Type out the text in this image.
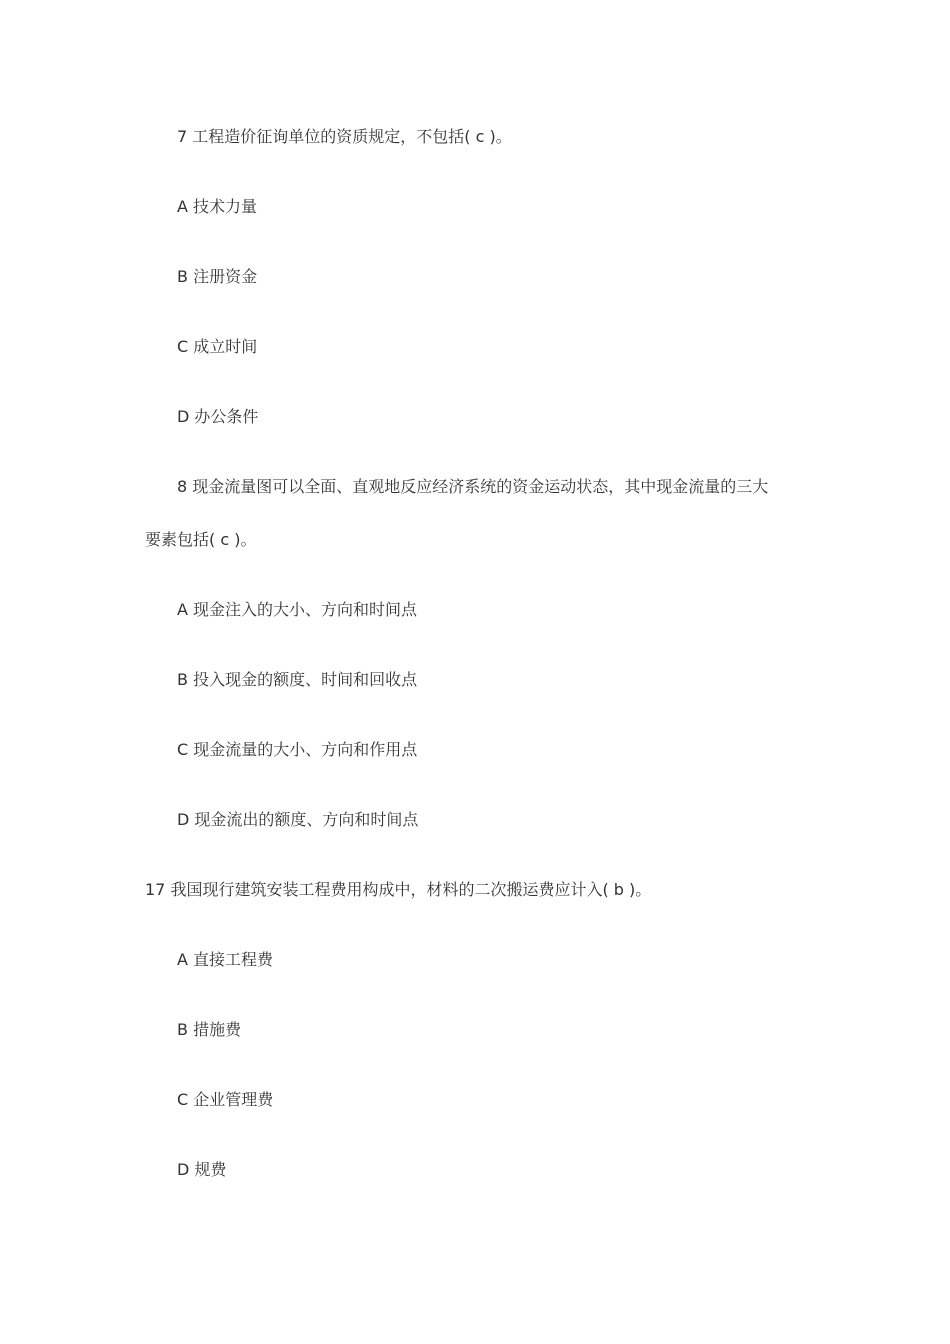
7 工程造价征询单位的资质规定，不包括( c )。
A 技术力量
B 注册资金
C 成立时间
D 办公条件
8 现金流量图可以全面、直观地反应经济系统的资金运动状态，其中现金流量的三大
要素包括( c )。
A 现金注入的大小、方向和时间点
B 投入现金的额度、时间和回收点
C 现金流量的大小、方向和作用点
D 现金流出的额度、方向和时间点
17 我国现行建筑安装工程费用构成中，材料的二次搬运费应计入( b )。
A 直接工程费
B 措施费
C 企业管理费
D 规费
